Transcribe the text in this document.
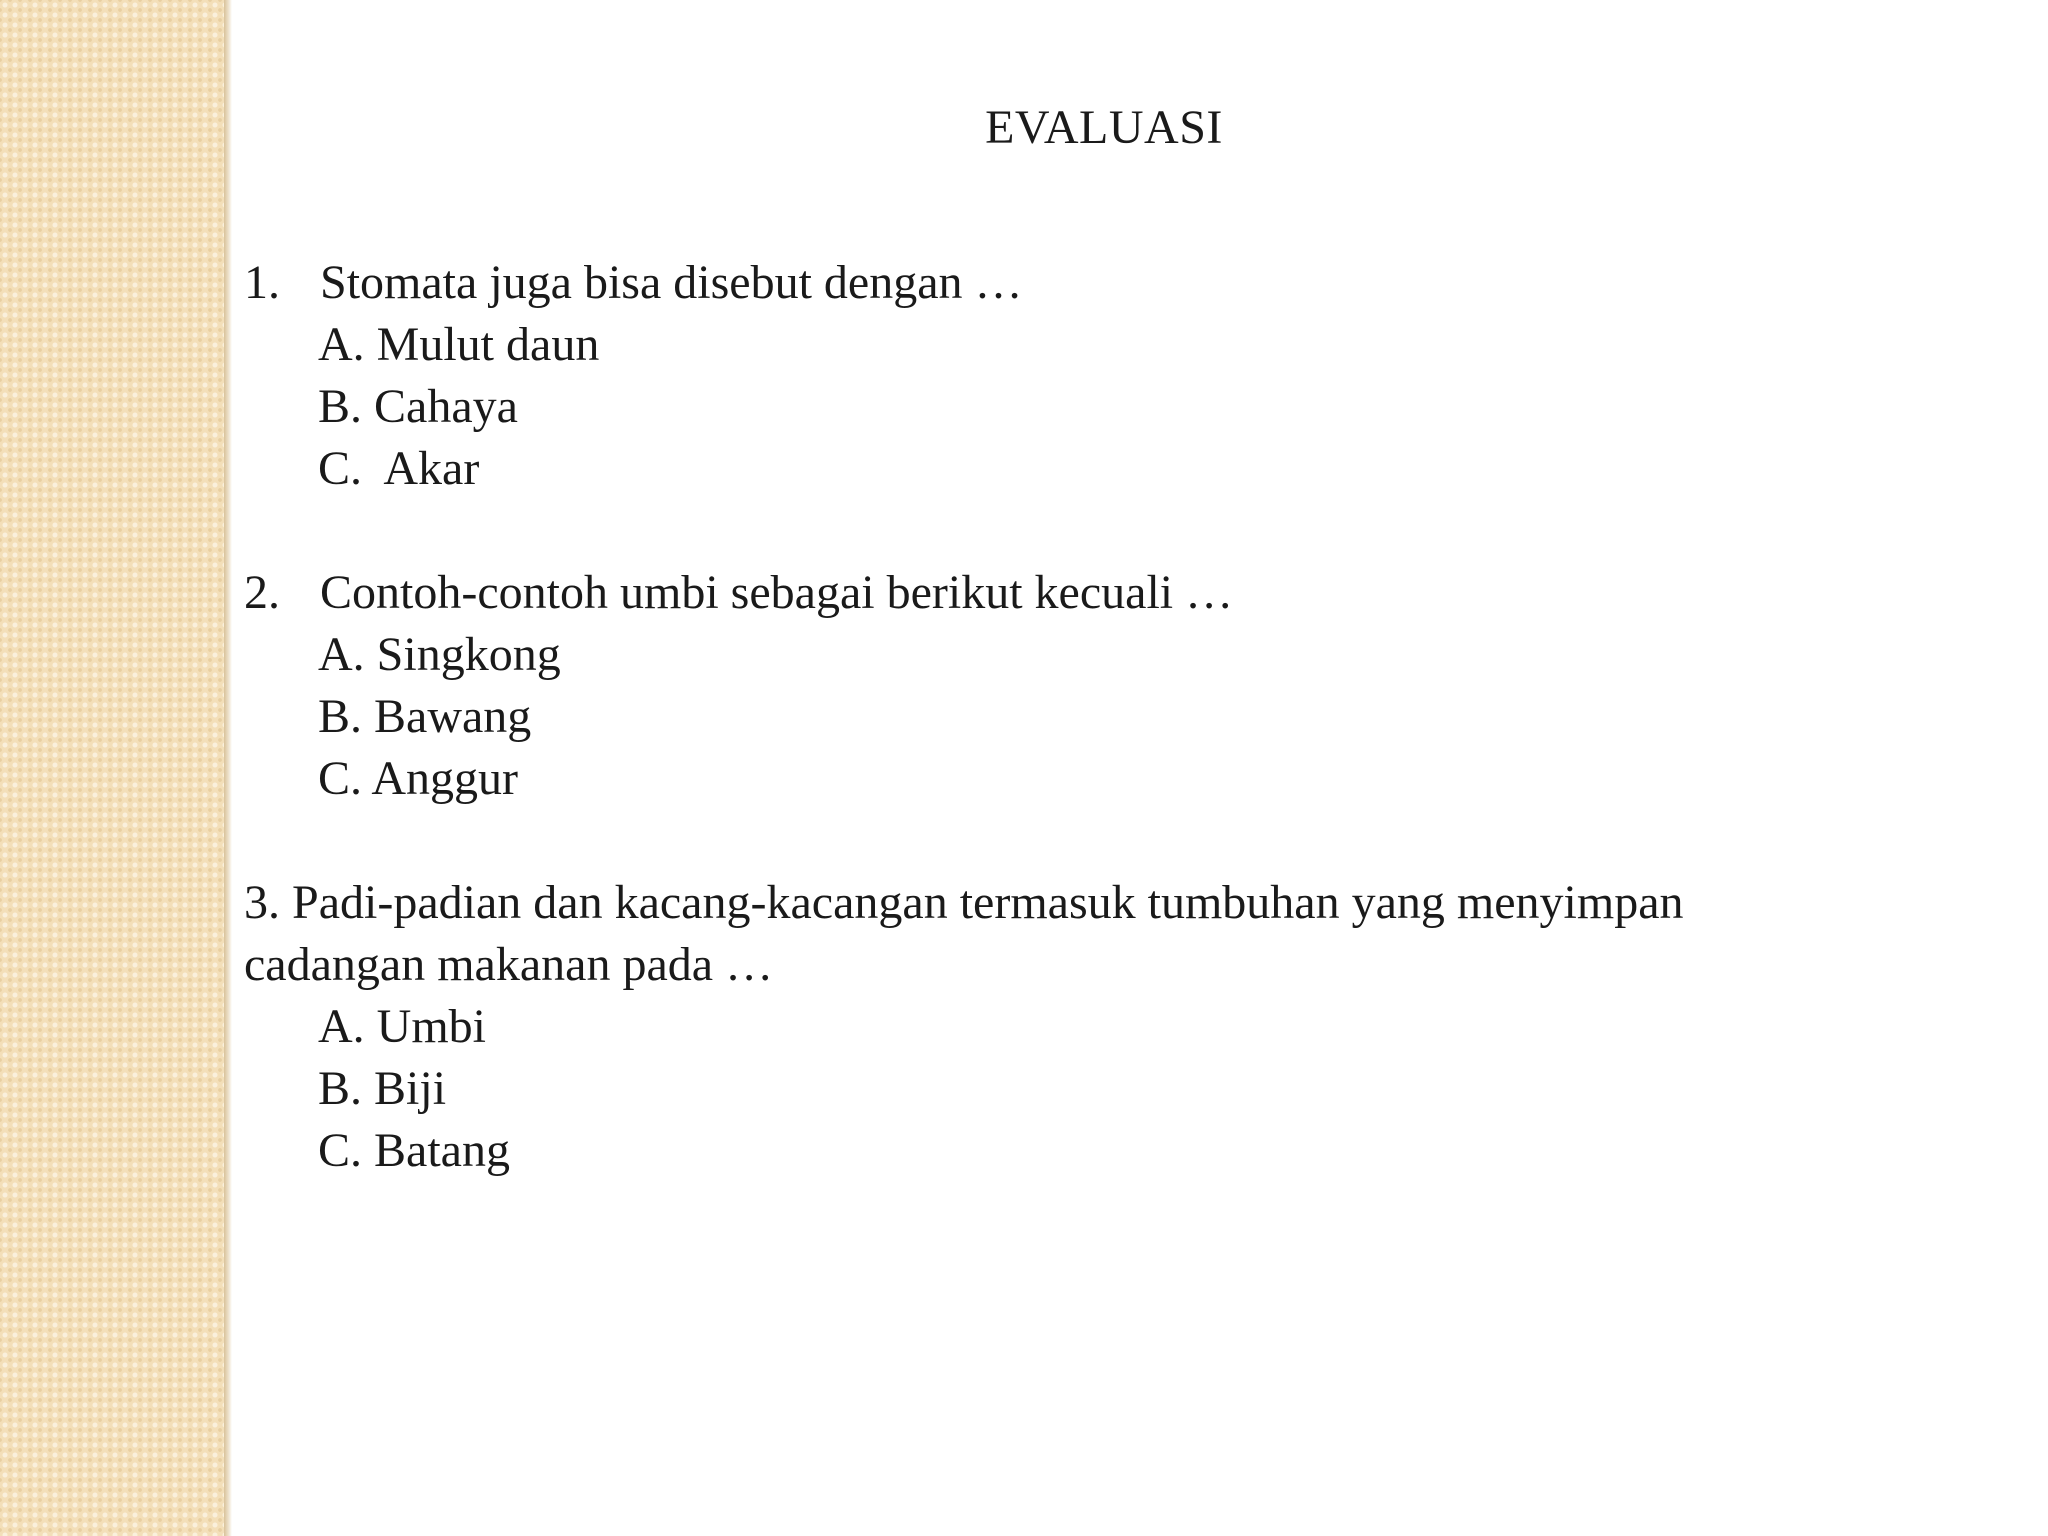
EVALUASI
1. Stomata juga bisa disebut dengan …
A. Mulut daun
B. Cahaya
C.  Akar
2. Contoh-contoh umbi sebagai berikut kecuali …
A. Singkong
B. Bawang
C. Anggur
3. Padi-padian dan kacang-kacangan termasuk tumbuhan yang menyimpan
cadangan makanan pada …
A. Umbi
B. Biji
C. Batang
